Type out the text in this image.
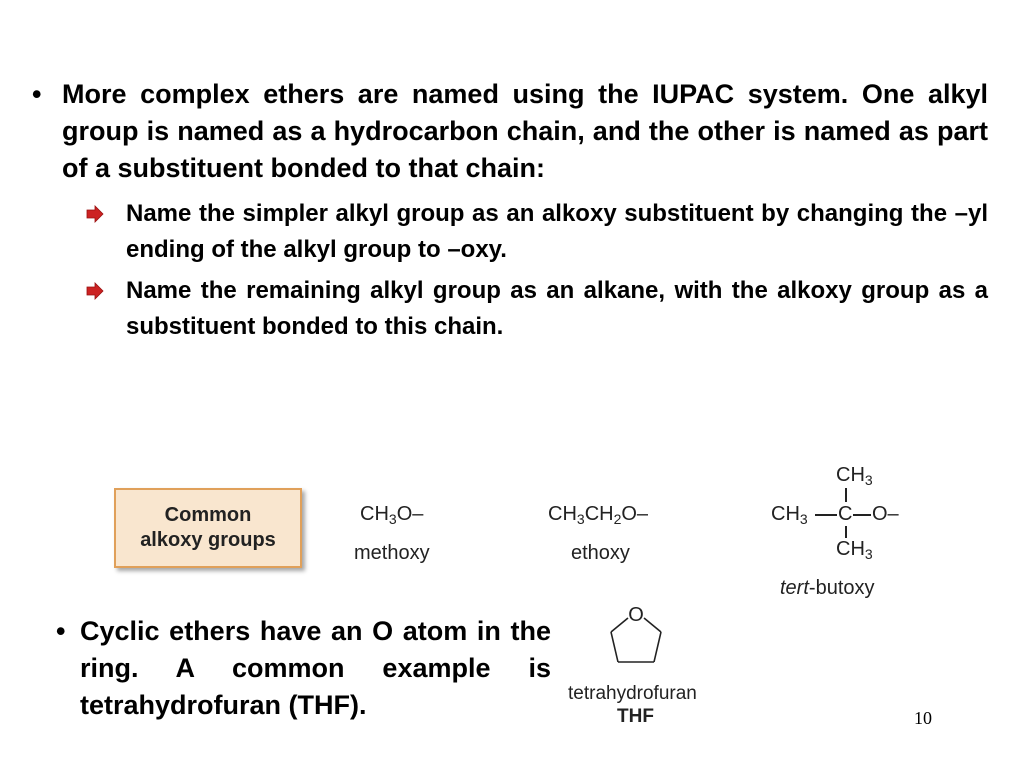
• More complex ethers are named using the IUPAC system. One alkyl group is named as a hydrocarbon chain, and the other is named as part of a substituent bonded to that chain:
Name the simpler alkyl group as an alkoxy substituent by changing the –yl ending of the alkyl group to –oxy.
Name the remaining alkyl group as an alkane, with the alkoxy group as a substituent bonded to this chain.
Common
alkoxy groups
$CH_3O-$
methoxy
$CH_3CH_2O-$
ethoxy
$CH_3$
$CH_3$ C O–
$CH_3$
tert-butoxy
• Cyclic ethers have an O atom in the ring. A common example is tetrahydrofuran (THF).
O
tetrahydrofuran
THF	10
